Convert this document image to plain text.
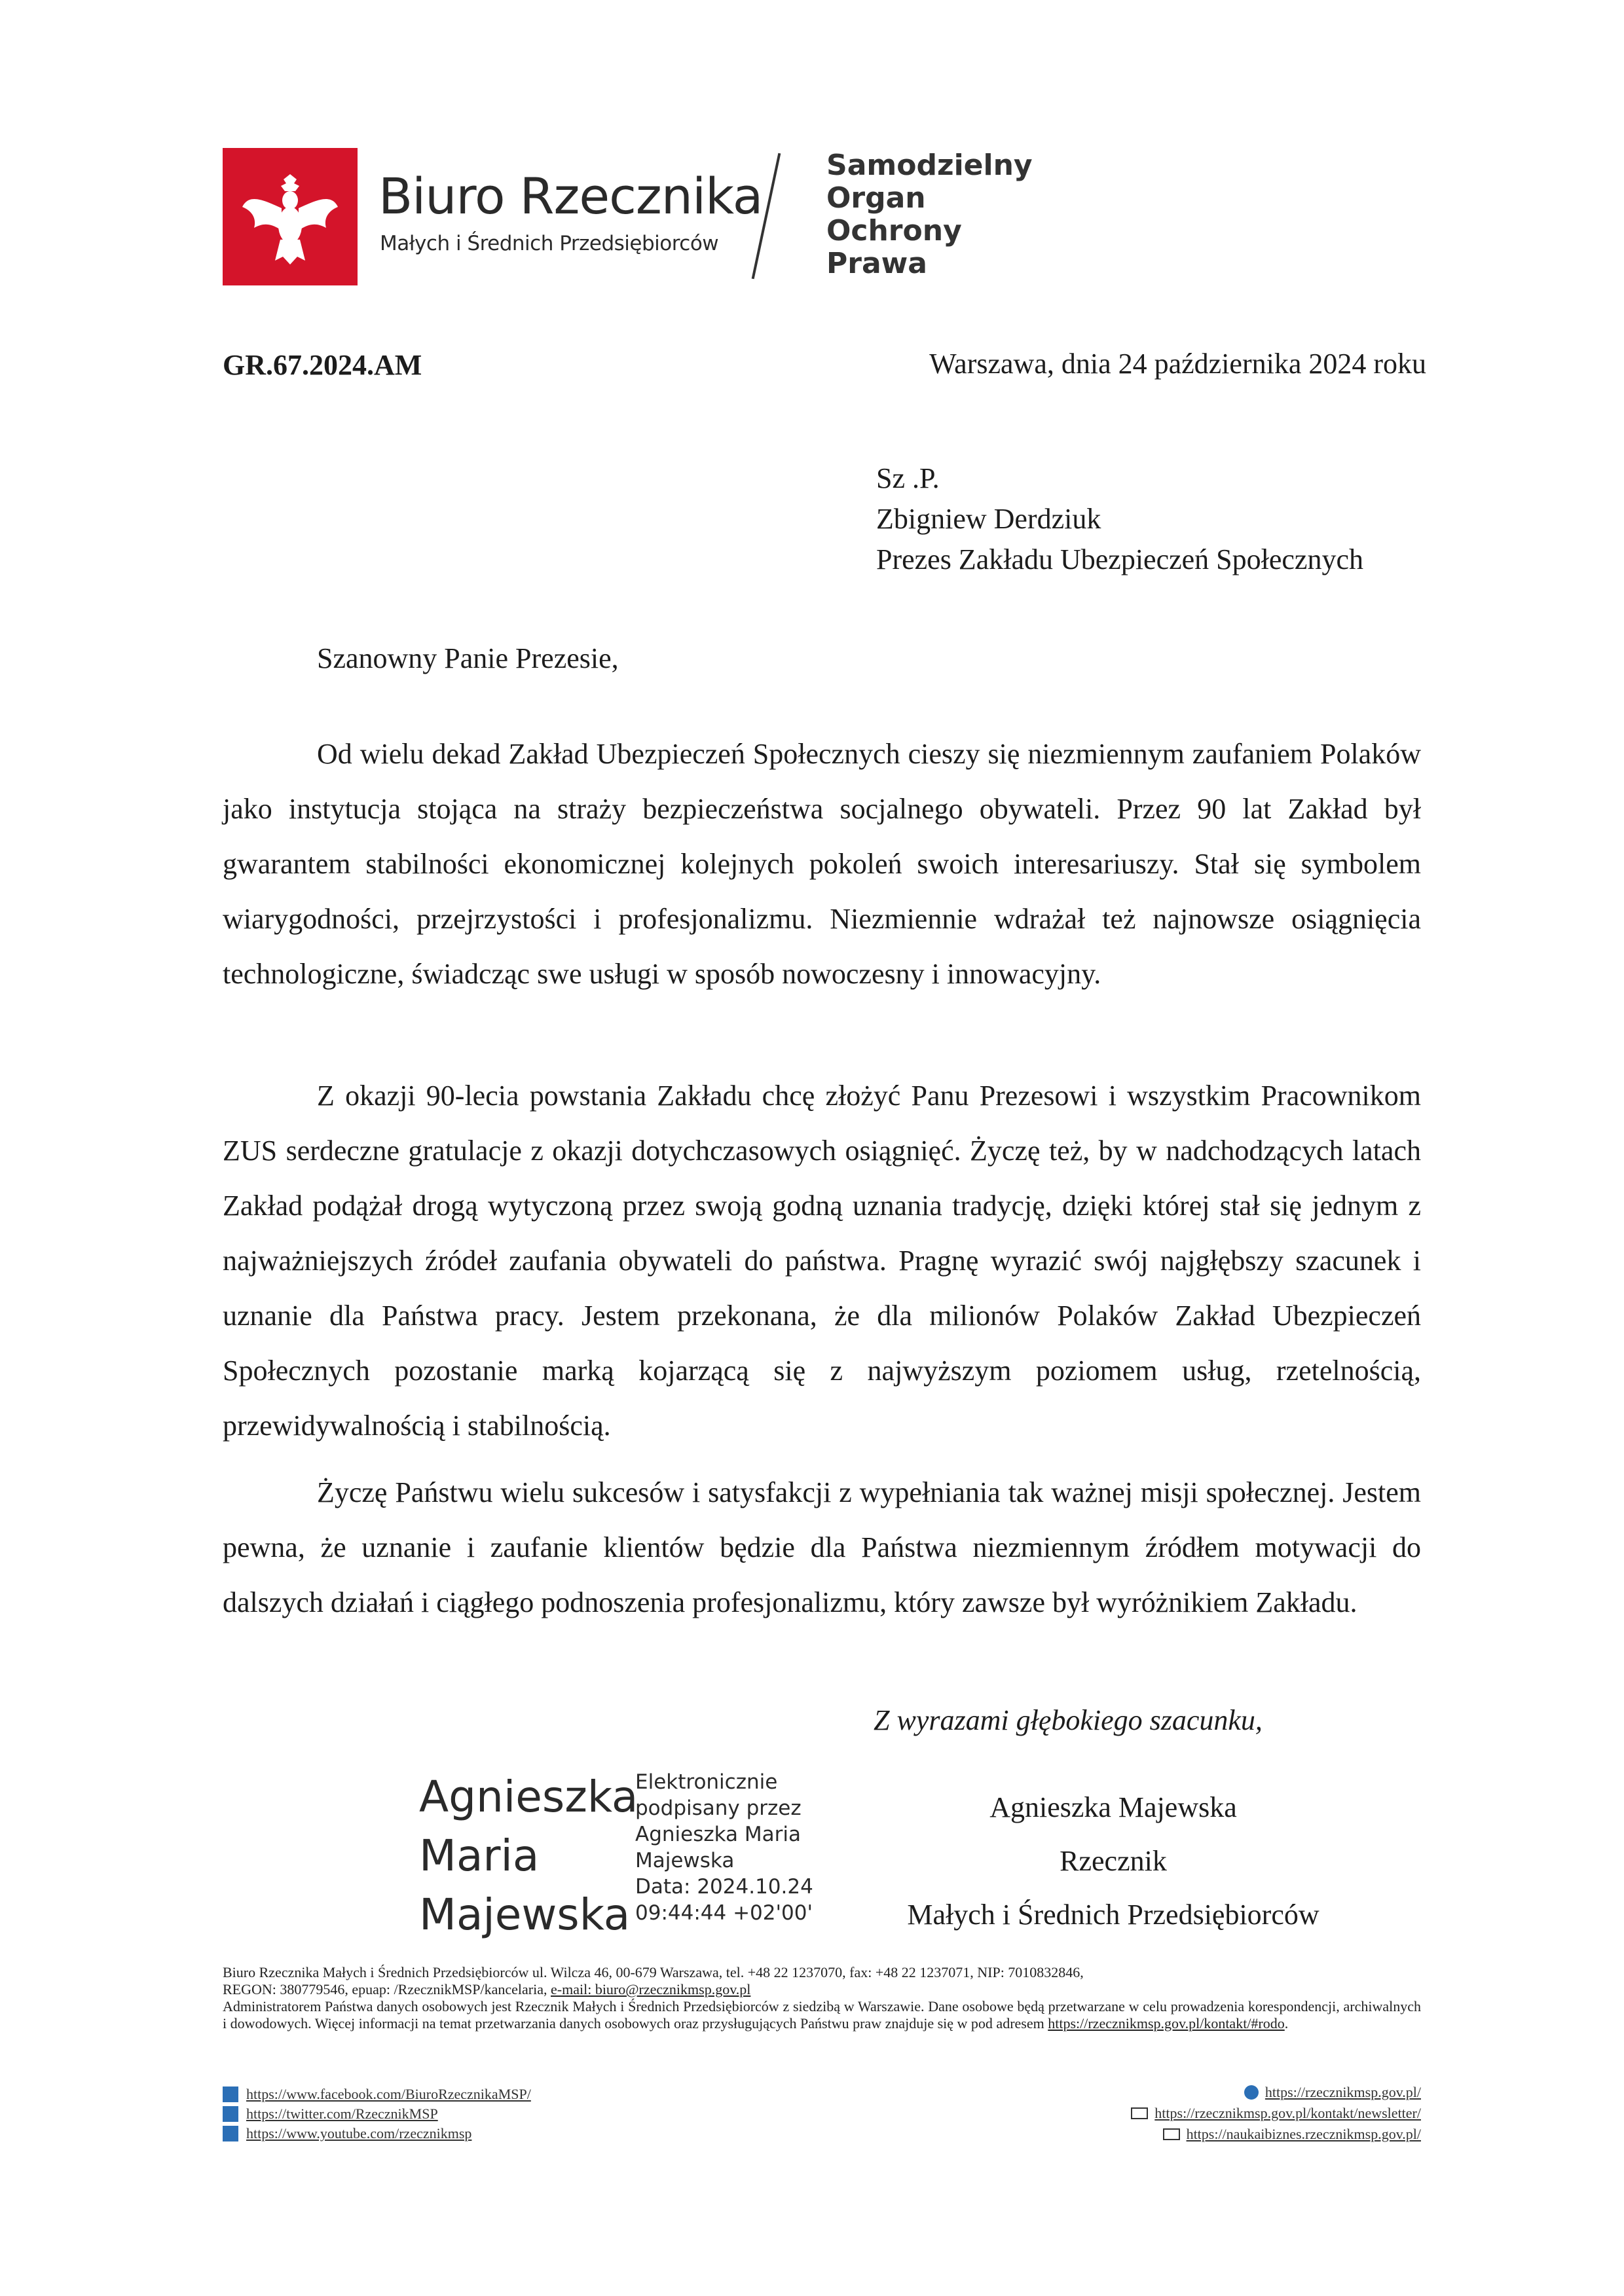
Biuro Rzecznika
Małych i Średnich Przedsiębiorców
Samodzielny
Organ
Ochrony
Prawa
GR.67.2024.AM	Warszawa, dnia 24 października 2024 roku
Sz .P.
Zbigniew Derdziuk
Prezes Zakładu Ubezpieczeń Społecznych
Szanowny Panie Prezesie,

Od wielu dekad Zakład Ubezpieczeń Społecznych cieszy się niezmiennym zaufaniem Polaków jako instytucja stojąca na straży bezpieczeństwa socjalnego obywateli. Przez 90 lat Zakład był gwarantem stabilności ekonomicznej kolejnych pokoleń swoich interesariuszy. Stał się symbolem wiarygodności, przejrzystości i profesjonalizmu. Niezmiennie wdrażał też najnowsze osiągnięcia technologiczne, świadcząc swe usługi w sposób nowoczesny i innowacyjny.

Z okazji 90-lecia powstania Zakładu chcę złożyć Panu Prezesowi i wszystkim Pracownikom ZUS serdeczne gratulacje z okazji dotychczasowych osiągnięć. Życzę też, by w nadchodzących latach Zakład podążał drogą wytyczoną przez swoją godną uznania tradycję, dzięki której stał się jednym z najważniejszych źródeł zaufania obywateli do państwa. Pragnę wyrazić swój najgłębszy szacunek i uznanie dla Państwa pracy. Jestem przekonana, że dla milionów Polaków Zakład Ubezpieczeń Społecznych pozostanie marką kojarzącą się z najwyższym poziomem usług, rzetelnością, przewidywalnością i stabilnością.

Życzę Państwu wielu sukcesów i satysfakcji z wypełniania tak ważnej misji społecznej. Jestem pewna, że uznanie i zaufanie klientów będzie dla Państwa niezmiennym źródłem motywacji do dalszych działań i ciągłego podnoszenia profesjonalizmu, który zawsze był wyróżnikiem Zakładu.

Z wyrazami głębokiego szacunku,
Agnieszka
Maria
Majewska
Elektronicznie
podpisany przez
Agnieszka Maria
Majewska
Data: 2024.10.24
09:44:44 +02'00'
Agnieszka Majewska
Rzecznik
Małych i Średnich Przedsiębiorców

Biuro Rzecznika Małych i Średnich Przedsiębiorców ul. Wilcza 46, 00-679 Warszawa, tel. +48 22 1237070, fax: +48 22 1237071, NIP: 7010832846,

REGON: 380779546, epuap: /RzecznikMSP/kancelaria, e-mail: biuro@rzecznikmsp.gov.pl

Administratorem Państwa danych osobowych jest Rzecznik Małych i Średnich Przedsiębiorców z siedzibą w Warszawie. Dane osobowe będą przetwarzane w celu prowadzenia korespondencji, archiwalnych i dowodowych. Więcej informacji na temat przetwarzania danych osobowych oraz przysługujących Państwu praw znajduje się w pod adresem https://rzecznikmsp.gov.pl/kontakt/#rodo.

https://www.facebook.com/BiuroRzecznikaMSP/
https://twitter.com/RzecznikMSP
https://www.youtube.com/rzecznikmsp
https://rzecznikmsp.gov.pl/
https://rzecznikmsp.gov.pl/kontakt/newsletter/
https://naukaibiznes.rzecznikmsp.gov.pl/
